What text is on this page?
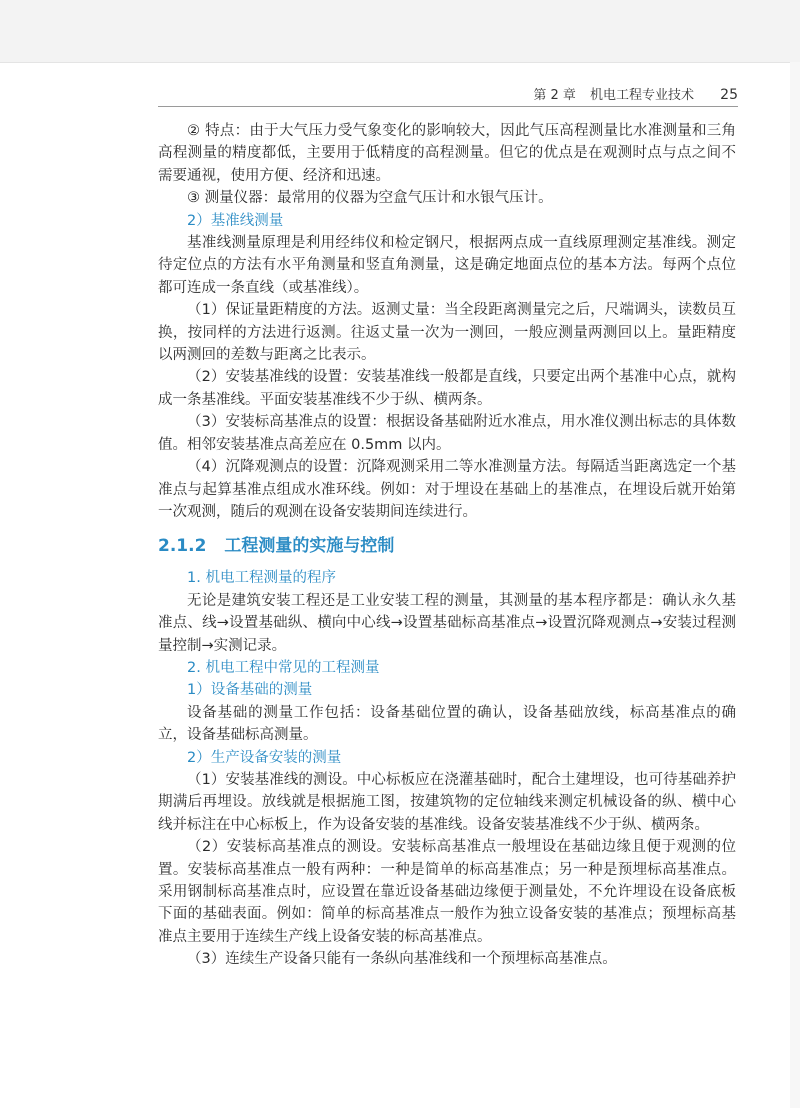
第 2 章 机电工程专业技术 25

② 特点：由于大气压力受气象变化的影响较大，因此气压高程测量比水准测量和三角高程测量的精度都低，主要用于低精度的高程测量。但它的优点是在观测时点与点之间不需要通视，使用方便、经济和迅速。

③ 测量仪器：最常用的仪器为空盒气压计和水银气压计。

2）基准线测量

基准线测量原理是利用经纬仪和检定钢尺，根据两点成一直线原理测定基准线。测定待定位点的方法有水平角测量和竖直角测量，这是确定地面点位的基本方法。每两个点位都可连成一条直线（或基准线）。

（1）保证量距精度的方法。返测丈量：当全段距离测量完之后，尺端调头，读数员互换，按同样的方法进行返测。往返丈量一次为一测回，一般应测量两测回以上。量距精度以两测回的差数与距离之比表示。

（2）安装基准线的设置：安装基准线一般都是直线，只要定出两个基准中心点，就构成一条基准线。平面安装基准线不少于纵、横两条。

（3）安装标高基准点的设置：根据设备基础附近水准点，用水准仪测出标志的具体数值。相邻安装基准点高差应在 0.5mm 以内。

（4）沉降观测点的设置：沉降观测采用二等水准测量方法。每隔适当距离选定一个基准点与起算基准点组成水准环线。例如：对于埋设在基础上的基准点，在埋设后就开始第一次观测，随后的观测在设备安装期间连续进行。

2.1.2 工程测量的实施与控制
1. 机电工程测量的程序

无论是建筑安装工程还是工业安装工程的测量，其测量的基本程序都是：确认永久基准点、线→设置基础纵、横向中心线→设置基础标高基准点→设置沉降观测点→安装过程测量控制→实测记录。

2. 机电工程中常见的工程测量
1）设备基础的测量

设备基础的测量工作包括：设备基础位置的确认，设备基础放线，标高基准点的确立，设备基础标高测量。

2）生产设备安装的测量

（1）安装基准线的测设。中心标板应在浇灌基础时，配合土建埋设，也可待基础养护期满后再埋设。放线就是根据施工图，按建筑物的定位轴线来测定机械设备的纵、横中心线并标注在中心标板上，作为设备安装的基准线。设备安装基准线不少于纵、横两条。

（2）安装标高基准点的测设。安装标高基准点一般埋设在基础边缘且便于观测的位置。安装标高基准点一般有两种：一种是简单的标高基准点；另一种是预埋标高基准点。采用钢制标高基准点时，应设置在靠近设备基础边缘便于测量处，不允许埋设在设备底板下面的基础表面。例如：简单的标高基准点一般作为独立设备安装的基准点；预埋标高基准点主要用于连续生产线上设备安装的标高基准点。

（3）连续生产设备只能有一条纵向基准线和一个预埋标高基准点。
